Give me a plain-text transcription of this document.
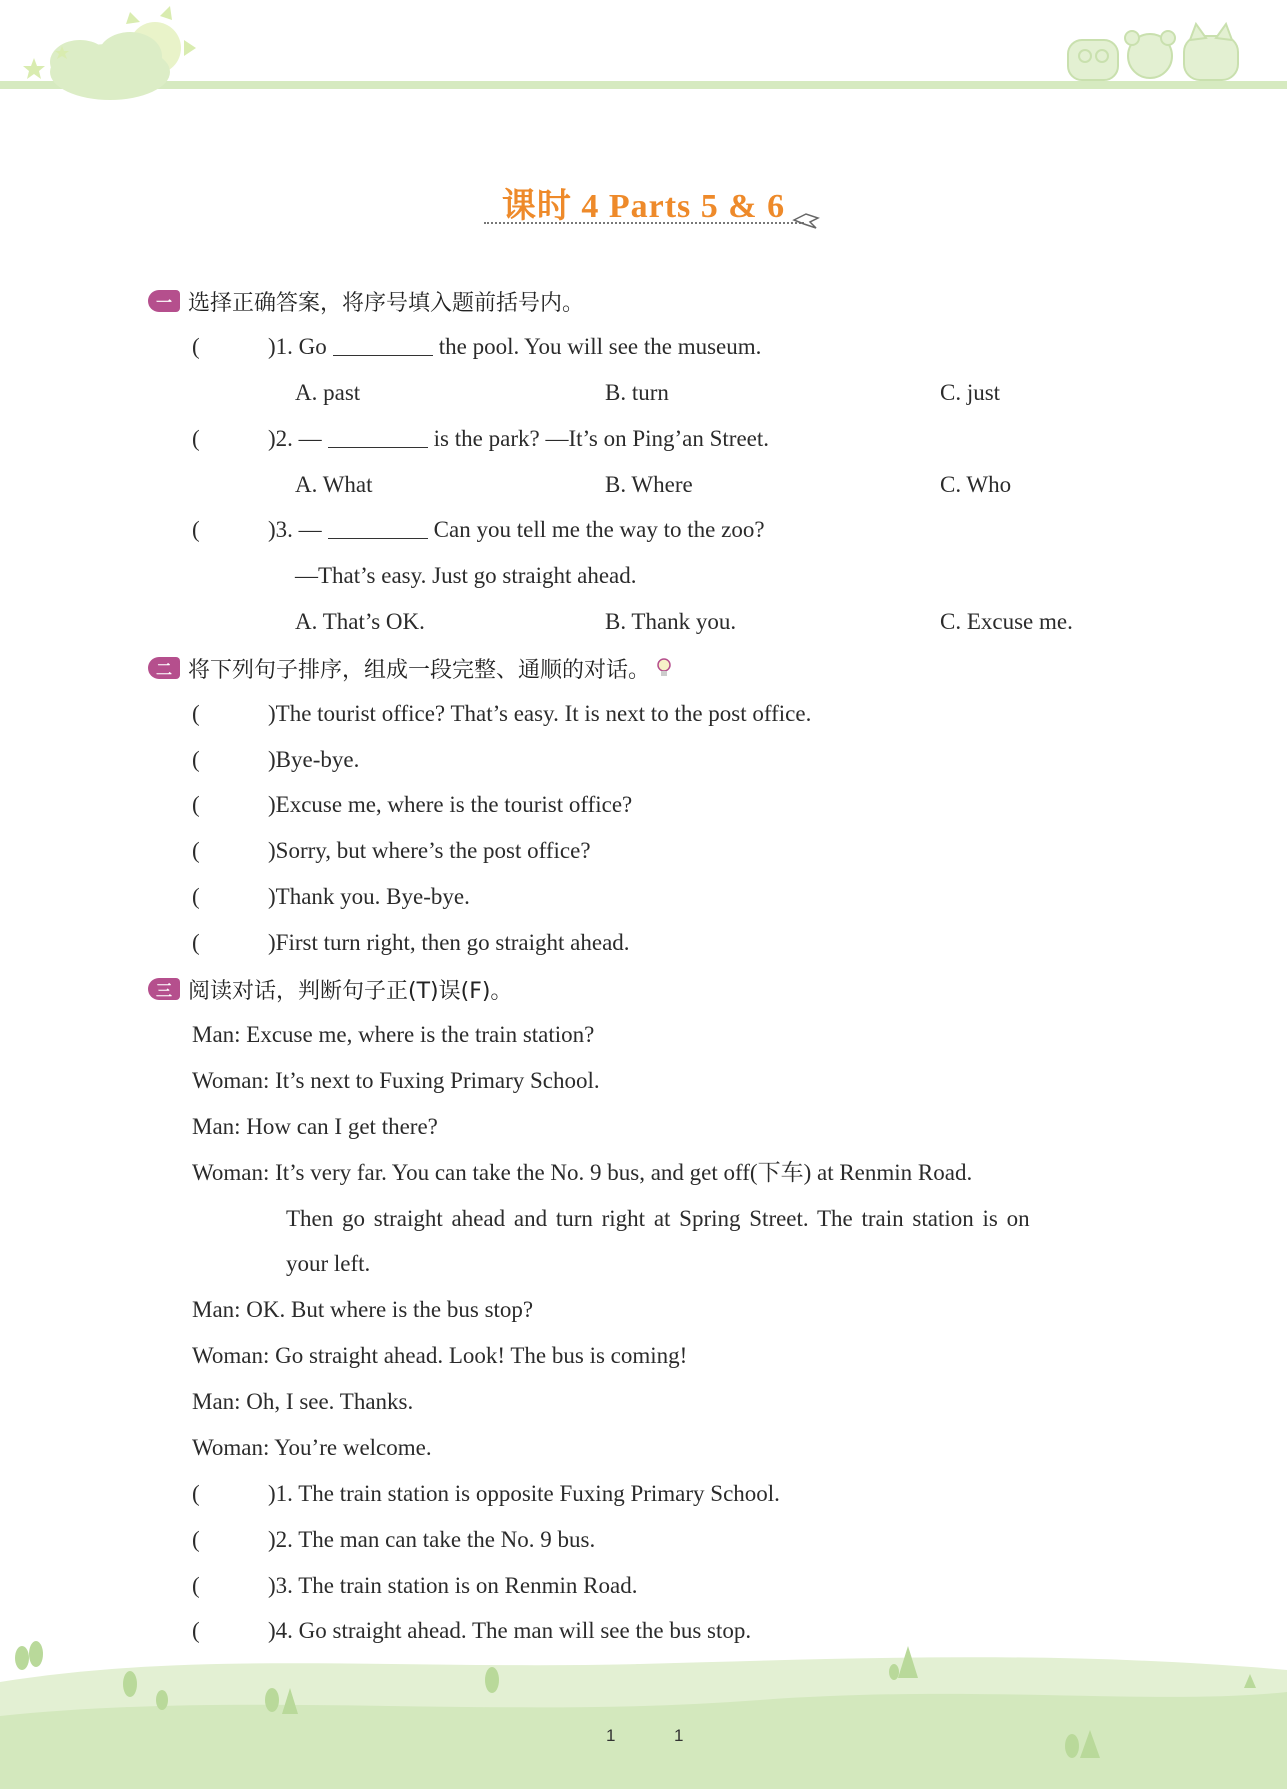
课时 4 Parts 5 & 6
一 选择正确答案，将序号填入题前括号内。
(	)1. Go	the pool. You will see the museum.
A. past	B. turn	C. just
(	)2. —	is the park? —It’s on Ping’an Street.
A. What	B. Where	C. Who
(	)3. —	Can you tell me the way to the zoo?
—That’s easy. Just go straight ahead.
A. That’s OK.	B. Thank you.	C. Excuse me.
二 将下列句子排序，组成一段完整、通顺的对话。
(	)The tourist office? That’s easy. It is next to the post office.
(	)Bye-bye.
(	)Excuse me, where is the tourist office?
(	)Sorry, but where’s the post office?
(	)Thank you. Bye-bye.
(	)First turn right, then go straight ahead.
三 阅读对话，判断句子正(T)误(F)。
Man: Excuse me, where is the train station?
Woman: It’s next to Fuxing Primary School.
Man: How can I get there?
Woman: It’s very far. You can take the No. 9 bus, and get off(下车) at Renmin Road.
Then go straight ahead and turn right at Spring Street. The train station is on
your left.
Man: OK. But where is the bus stop?
Woman: Go straight ahead. Look! The bus is coming!
Man: Oh, I see. Thanks.
Woman: You’re welcome.
(	)1. The train station is opposite Fuxing Primary School.
(	)2. The man can take the No. 9 bus.
(	)3. The train station is on Renmin Road.
(	)4. Go straight ahead. The man will see the bus stop.
1	1
